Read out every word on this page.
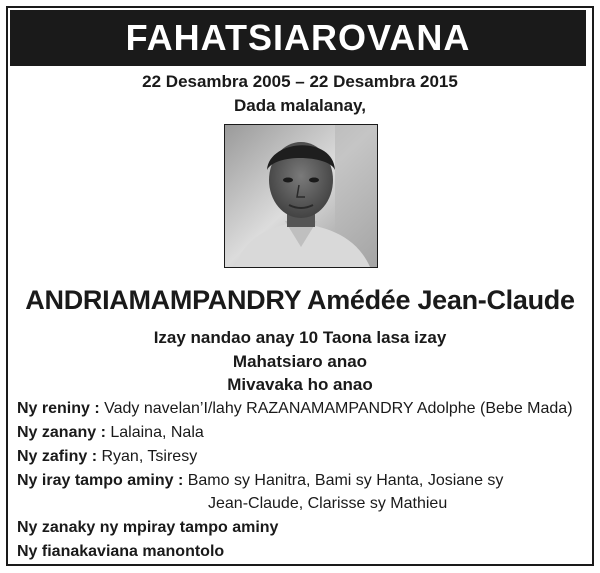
FAHATSIAROVANA
22 Desambra 2005 – 22 Desambra 2015
Dada malalanay,
ANDRIAMAMPANDRY Amédée Jean-Claude
Izay nandao anay 10 Taona lasa izay
Mahatsiaro anao
Mivavaka ho anao
Ny reniny : Vady navelan’I/lahy RAZANAMAMPANDRY Adolphe (Bebe Mada)
Ny zanany : Lalaina, Nala
Ny zafiny : Ryan, Tsiresy
Ny iray tampo aminy : Bamo sy Hanitra, Bami sy Hanta, Josiane sy
Jean-Claude, Clarisse sy Mathieu
Ny zanaky ny mpiray tampo aminy
Ny fianakaviana manontolo
